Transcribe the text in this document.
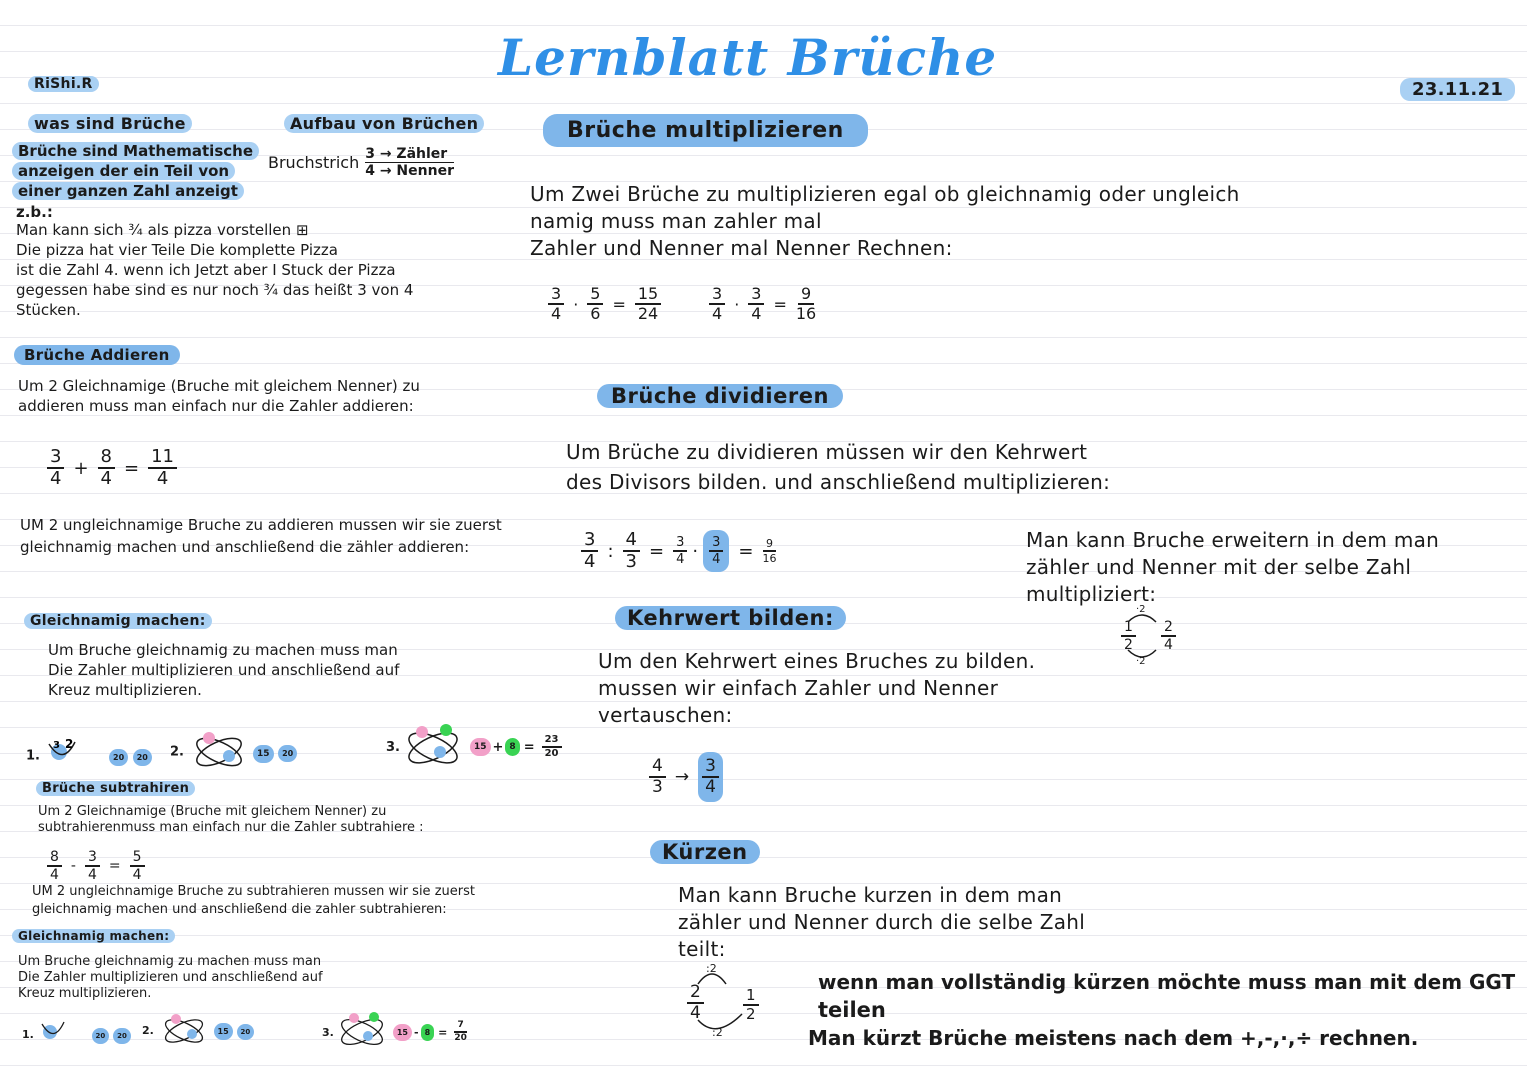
Lernblatt Brüche
RiShi.R	23.11.21
was sind Brüche	Aufbau von Brüchen
Bruchstrich 3 → Zähler
4 → Nenner
Brüche sind Mathematische
anzeigen der ein Teil von
einer ganzen Zahl anzeigt
z.b.:
Man kann sich ¾ als pizza vorstellen ⊞
Die pizza hat vier Teile Die komplette Pizza
ist die Zahl 4. wenn ich Jetzt aber I Stuck der Pizza
gegessen habe sind es nur noch ¾ das heißt 3 von 4
Stücken.
Brüche Addieren
Um 2 Gleichnamige (Bruche mit gleichem Nenner) zu
addieren muss man einfach nur die Zahler addieren:
$\frac{3}{4} + \frac{8}{4} = \frac{11}{4}$
UM 2 ungleichnamige Bruche zu addieren mussen wir sie zuerst
gleichnamig machen und anschließend die zähler addieren:
Gleichnamig machen:
Um Bruche gleichnamig zu machen muss man
Die Zahler multiplizieren und anschließend auf
Kreuz multiplizieren.
1.
3 2
20 20	2.	15 20	3.	$15 + 8 = \frac{23}{20}$
Brüche subtrahiren
Um 2 Gleichnamige (Bruche mit gleichem Nenner) zu
subtrahierenmuss man einfach nur die Zahler subtrahiere :
$\frac{8}{4} - \frac{3}{4} = \frac{5}{4}$
UM 2 ungleichnamige Bruche zu subtrahieren mussen wir sie zuerst
gleichnamig machen und anschließend die zahler subtrahieren:
Gleichnamig machen:
Um Bruche gleichnamig zu machen muss man
Die Zahler multiplizieren und anschließend auf
Kreuz multiplizieren.
1.	20 20	2.	15 20	3.	$15 - 8 = \frac{7}{20}$
Brüche multiplizieren
Um Zwei Brüche zu multiplizieren egal ob gleichnamig oder ungleich
namig muss man zahler mal
Zahler und Nenner mal Nenner Rechnen:
$\frac{3}{4} \cdot \frac{5}{6} = \frac{15}{24}$	$\frac{3}{4} \cdot \frac{3}{4} = \frac{9}{16}$
Brüche dividieren
Um Brüche zu dividieren müssen wir den Kehrwert
des Divisors bilden. und anschließend multiplizieren:
$\frac{3}{4}$ : $\frac{4}{3} = \frac{3}{4} \cdot \frac{3}{4} = \frac{9}{16}$
Kehrwert bilden:
Um den Kehrwert eines Bruches zu bilden.
mussen wir einfach Zahler und Nenner
vertauschen:
$\frac{4}{3} \to \frac{3}{4}$
Kürzen
Man kann Bruche kurzen in dem man
zähler und Nenner durch die selbe Zahl
teilt:
:2
$\frac{2}{4}$	$\frac{1}{2}$
:2
Man kann Bruche erweitern in dem man
zähler und Nenner mit der selbe Zahl
multipliziert:
·2
$\frac{1}{2} \frac{2}{4}$
·2
wenn man vollständig kürzen möchte muss man mit dem GGT
teilen
Man kürzt Brüche meistens nach dem +,-,·,÷ rechnen.
